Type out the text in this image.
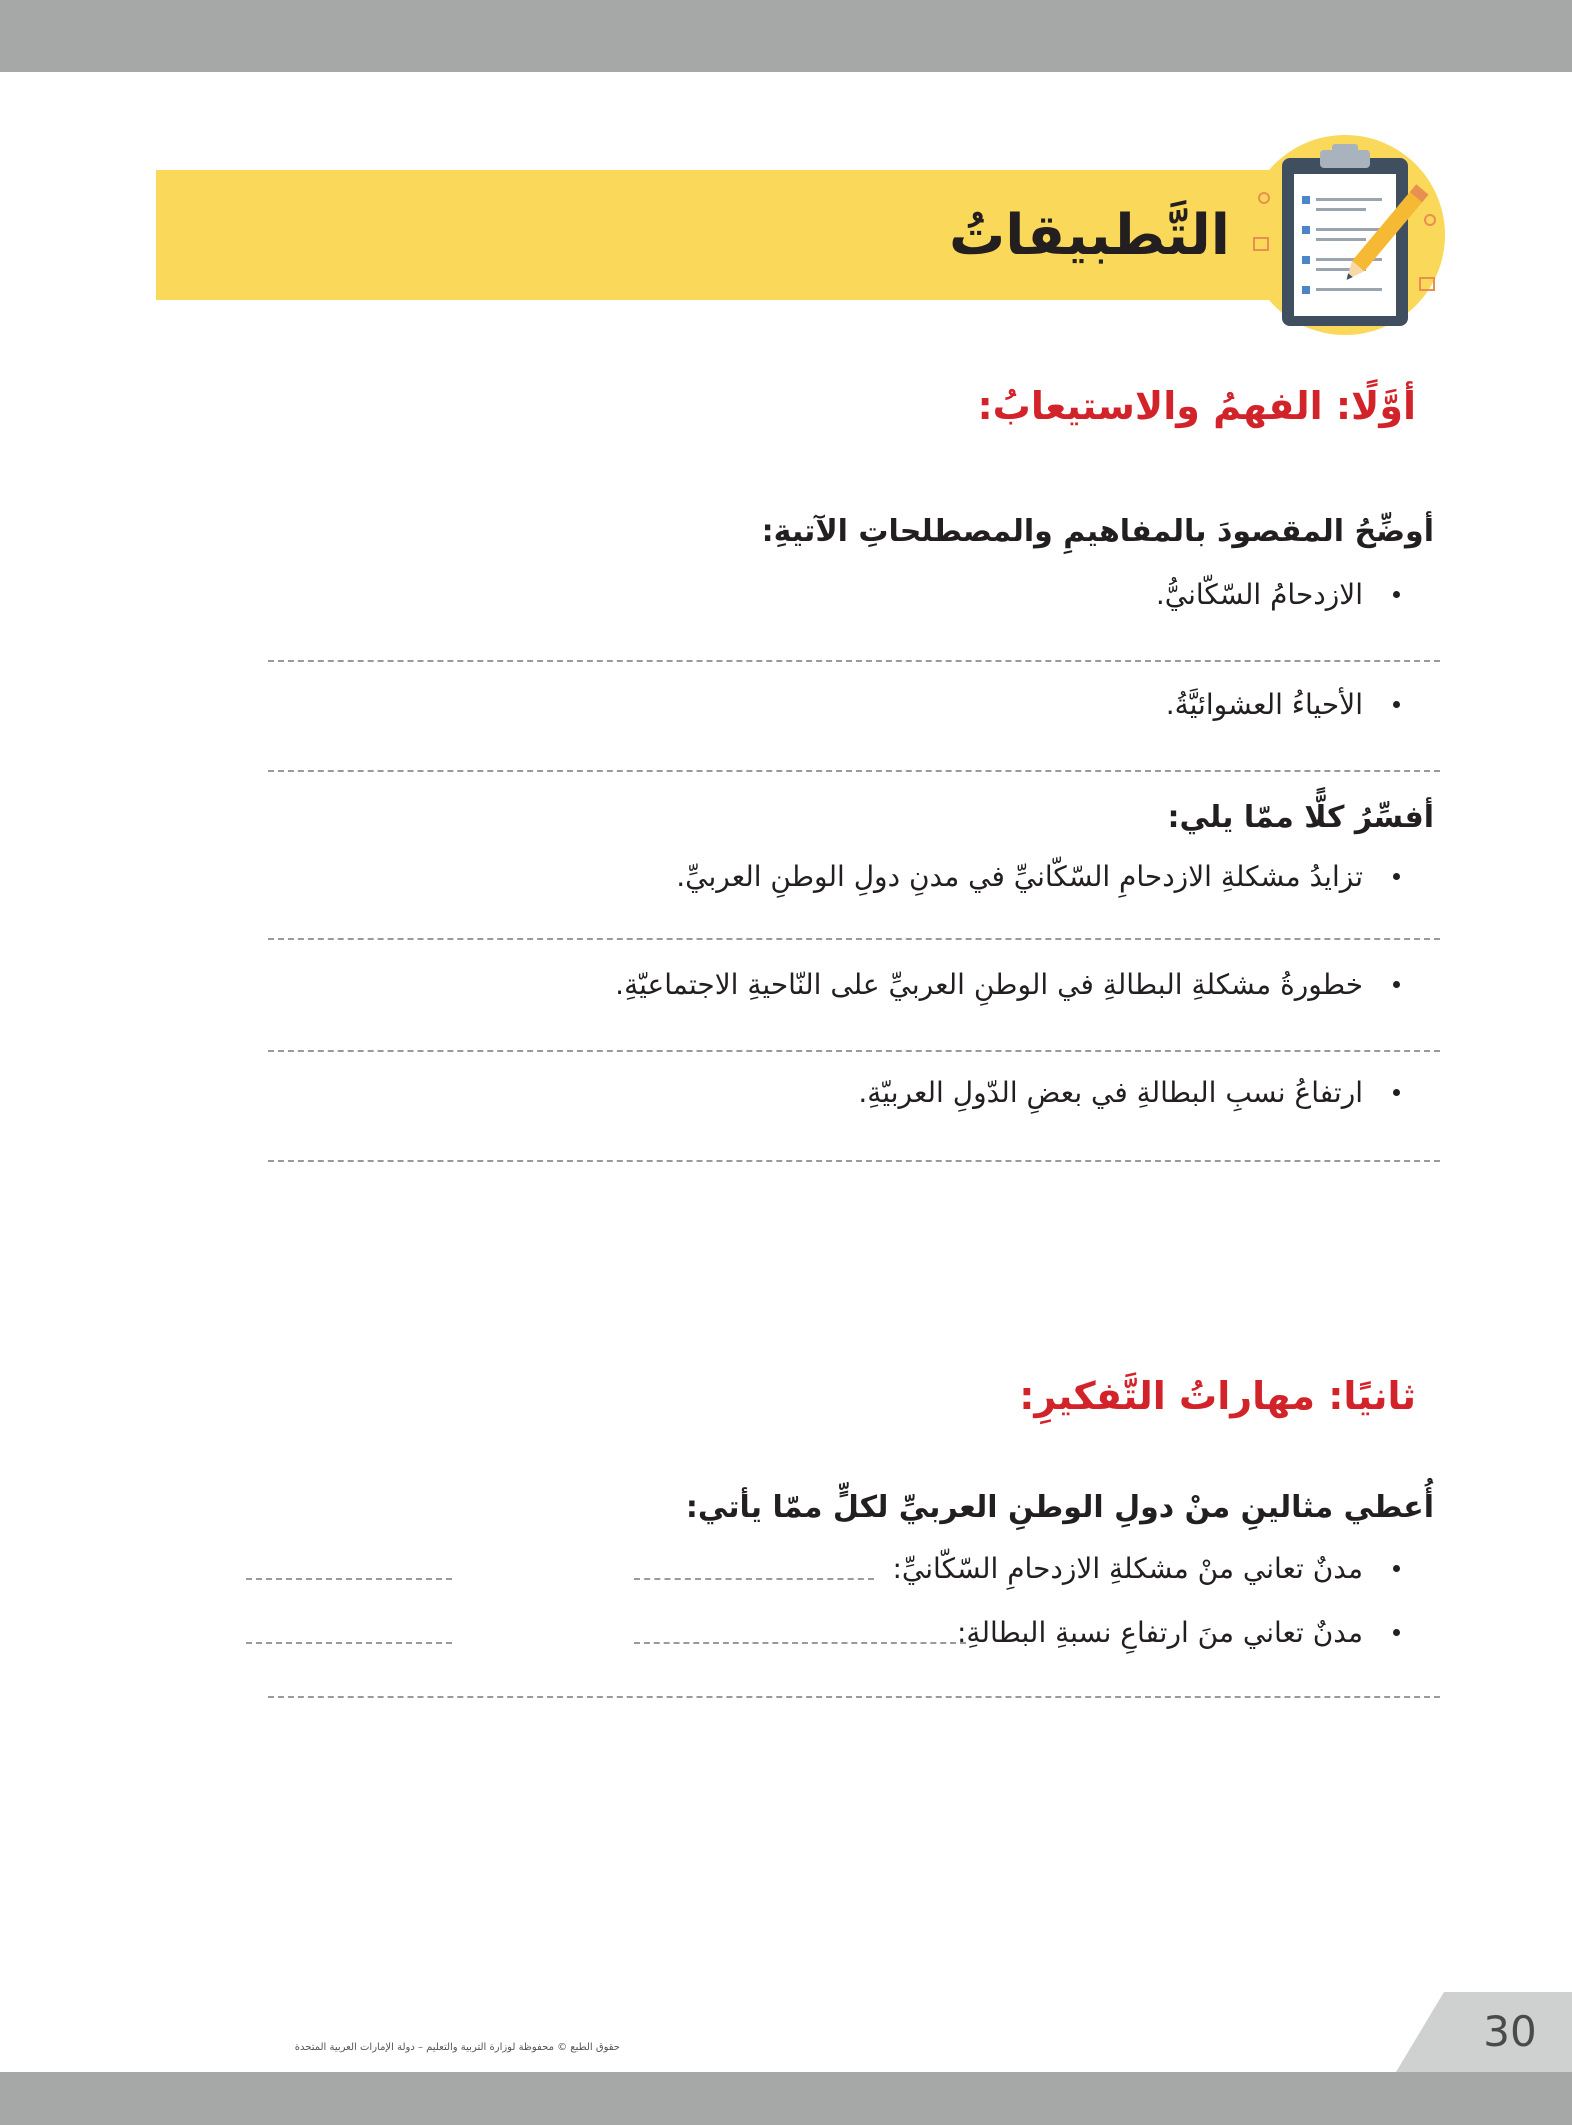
التَّطبيقاتُ
أوَّلًا: الفهمُ والاستيعابُ:
أوضِّحُ المقصودَ بالمفاهيمِ والمصطلحاتِ الآتيةِ:
الازدحامُ السّكّانيُّ.
الأحياءُ العشوائيَّةُ.
أفسِّرُ كلًّا ممّا يلي:
تزايدُ مشكلةِ الازدحامِ السّكّانيِّ في مدنِ دولِ الوطنِ العربيِّ.
خطورةُ مشكلةِ البطالةِ في الوطنِ العربيِّ على النّاحيةِ الاجتماعيّةِ.
ارتفاعُ نسبِ البطالةِ في بعضِ الدّولِ العربيّةِ.
ثانيًا: مهاراتُ التَّفكيرِ:
أُعطي مثالينِ منْ دولِ الوطنِ العربيِّ لكلٍّ ممّا يأتي:
مدنٌ تعاني منْ مشكلةِ الازدحامِ السّكّانيِّ:
مدنٌ تعاني منَ ارتفاعِ نسبةِ البطالةِ:
30
حقوق الطبع © محفوظة لوزارة التربية والتعليم – دولة الإمارات العربية المتحدة
